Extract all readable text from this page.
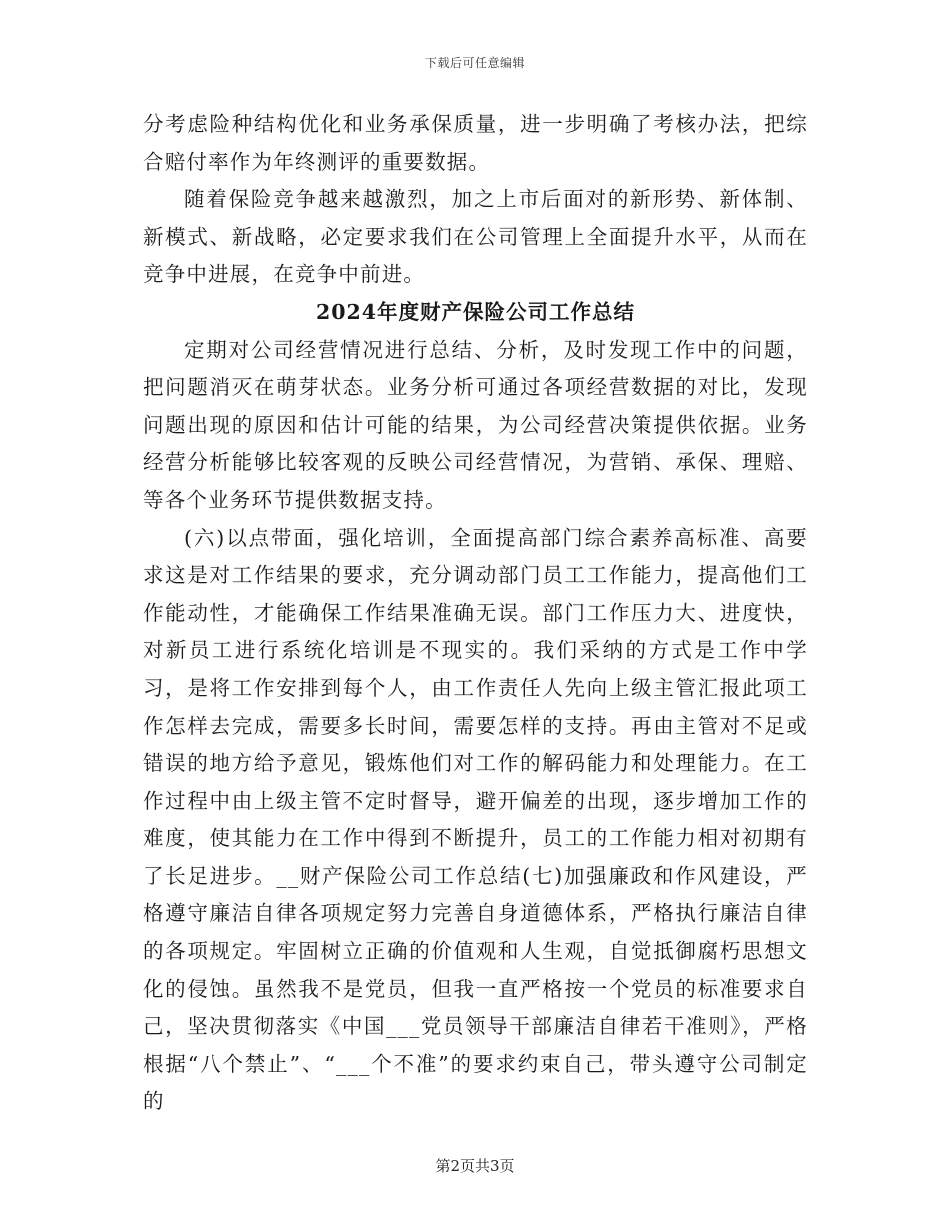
下载后可任意编辑

分考虑险种结构优化和业务承保质量，进一步明确了考核办法，把综合赔付率作为年终测评的重要数据。

随着保险竞争越来越激烈，加之上市后面对的新形势、新体制、新模式、新战略，必定要求我们在公司管理上全面提升水平，从而在竞争中进展，在竞争中前进。

2024年度财产保险公司工作总结

定期对公司经营情况进行总结、分析，及时发现工作中的问题，把问题消灭在萌芽状态。业务分析可通过各项经营数据的对比，发现问题出现的原因和估计可能的结果，为公司经营决策提供依据。业务经营分析能够比较客观的反映公司经营情况，为营销、承保、理赔、等各个业务环节提供数据支持。

(六)以点带面，强化培训，全面提高部门综合素养高标准、高要求这是对工作结果的要求，充分调动部门员工工作能力，提高他们工作能动性，才能确保工作结果准确无误。部门工作压力大、进度快，对新员工进行系统化培训是不现实的。我们采纳的方式是工作中学习，是将工作安排到每个人，由工作责任人先向上级主管汇报此项工作怎样去完成，需要多长时间，需要怎样的支持。再由主管对不足或错误的地方给予意见，锻炼他们对工作的解码能力和处理能力。在工作过程中由上级主管不定时督导，避开偏差的出现，逐步增加工作的难度，使其能力在工作中得到不断提升，员工的工作能力相对初期有了长足进步。__财产保险公司工作总结(七)加强廉政和作风建设，严格遵守廉洁自律各项规定努力完善自身道德体系，严格执行廉洁自律的各项规定。牢固树立正确的价值观和人生观，自觉抵御腐朽思想文化的侵蚀。虽然我不是党员，但我一直严格按一个党员的标准要求自己，坚决贯彻落实《中国___党员领导干部廉洁自律若干准则》，严格根据“八个禁止”、“___个不准”的要求约束自己，带头遵守公司制定的

第2页共3页
